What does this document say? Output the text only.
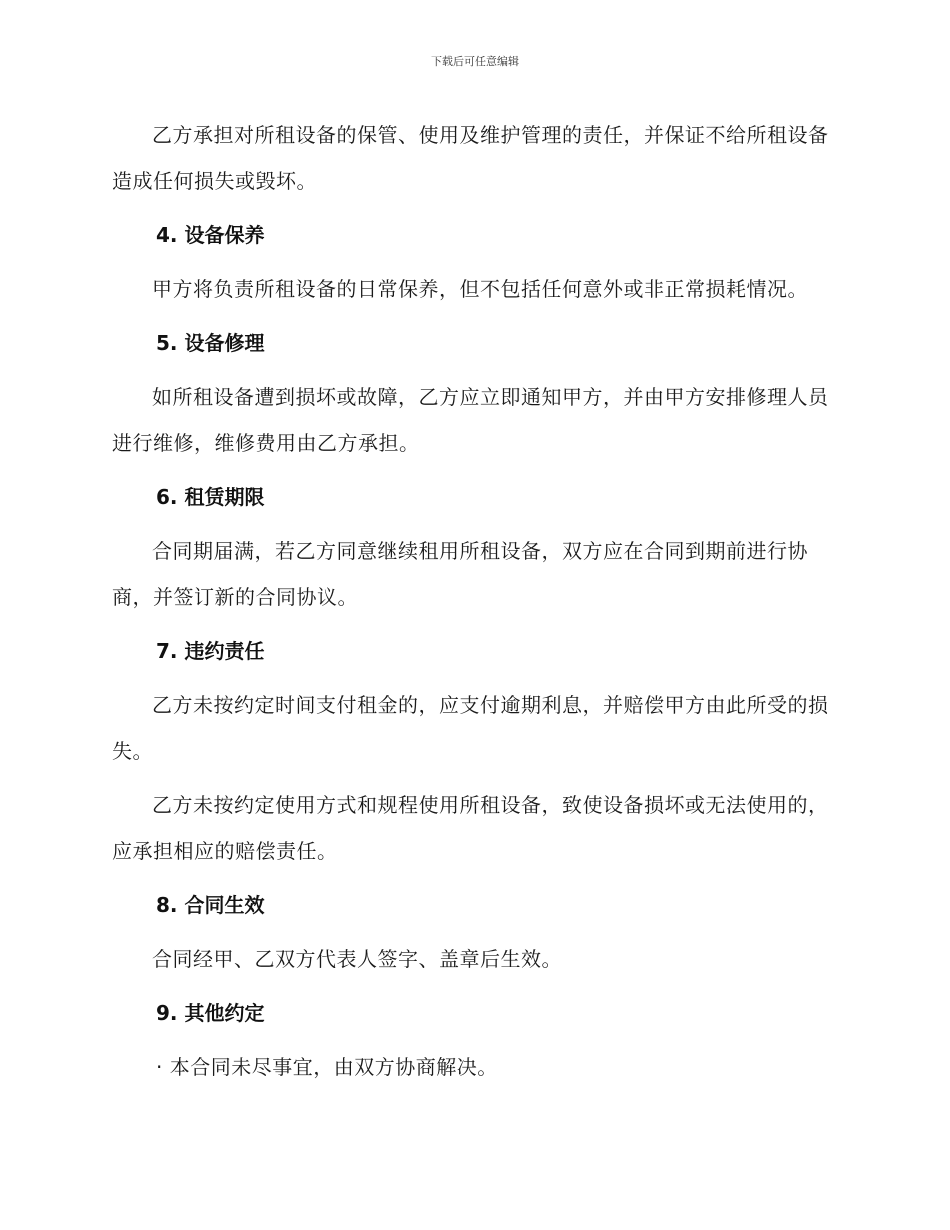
下载后可任意编辑

乙方承担对所租设备的保管、使用及维护管理的责任，并保证不给所租设备造成任何损失或毁坏。

4. 设备保养

甲方将负责所租设备的日常保养，但不包括任何意外或非正常损耗情况。

5. 设备修理

如所租设备遭到损坏或故障，乙方应立即通知甲方，并由甲方安排修理人员进行维修，维修费用由乙方承担。

6. 租赁期限

合同期届满，若乙方同意继续租用所租设备，双方应在合同到期前进行协商，并签订新的合同协议。

7. 违约责任

乙方未按约定时间支付租金的，应支付逾期利息，并赔偿甲方由此所受的损失。

乙方未按约定使用方式和规程使用所租设备，致使设备损坏或无法使用的，应承担相应的赔偿责任。

8. 合同生效

合同经甲、乙双方代表人签字、盖章后生效。

9. 其他约定

· 本合同未尽事宜，由双方协商解决。
